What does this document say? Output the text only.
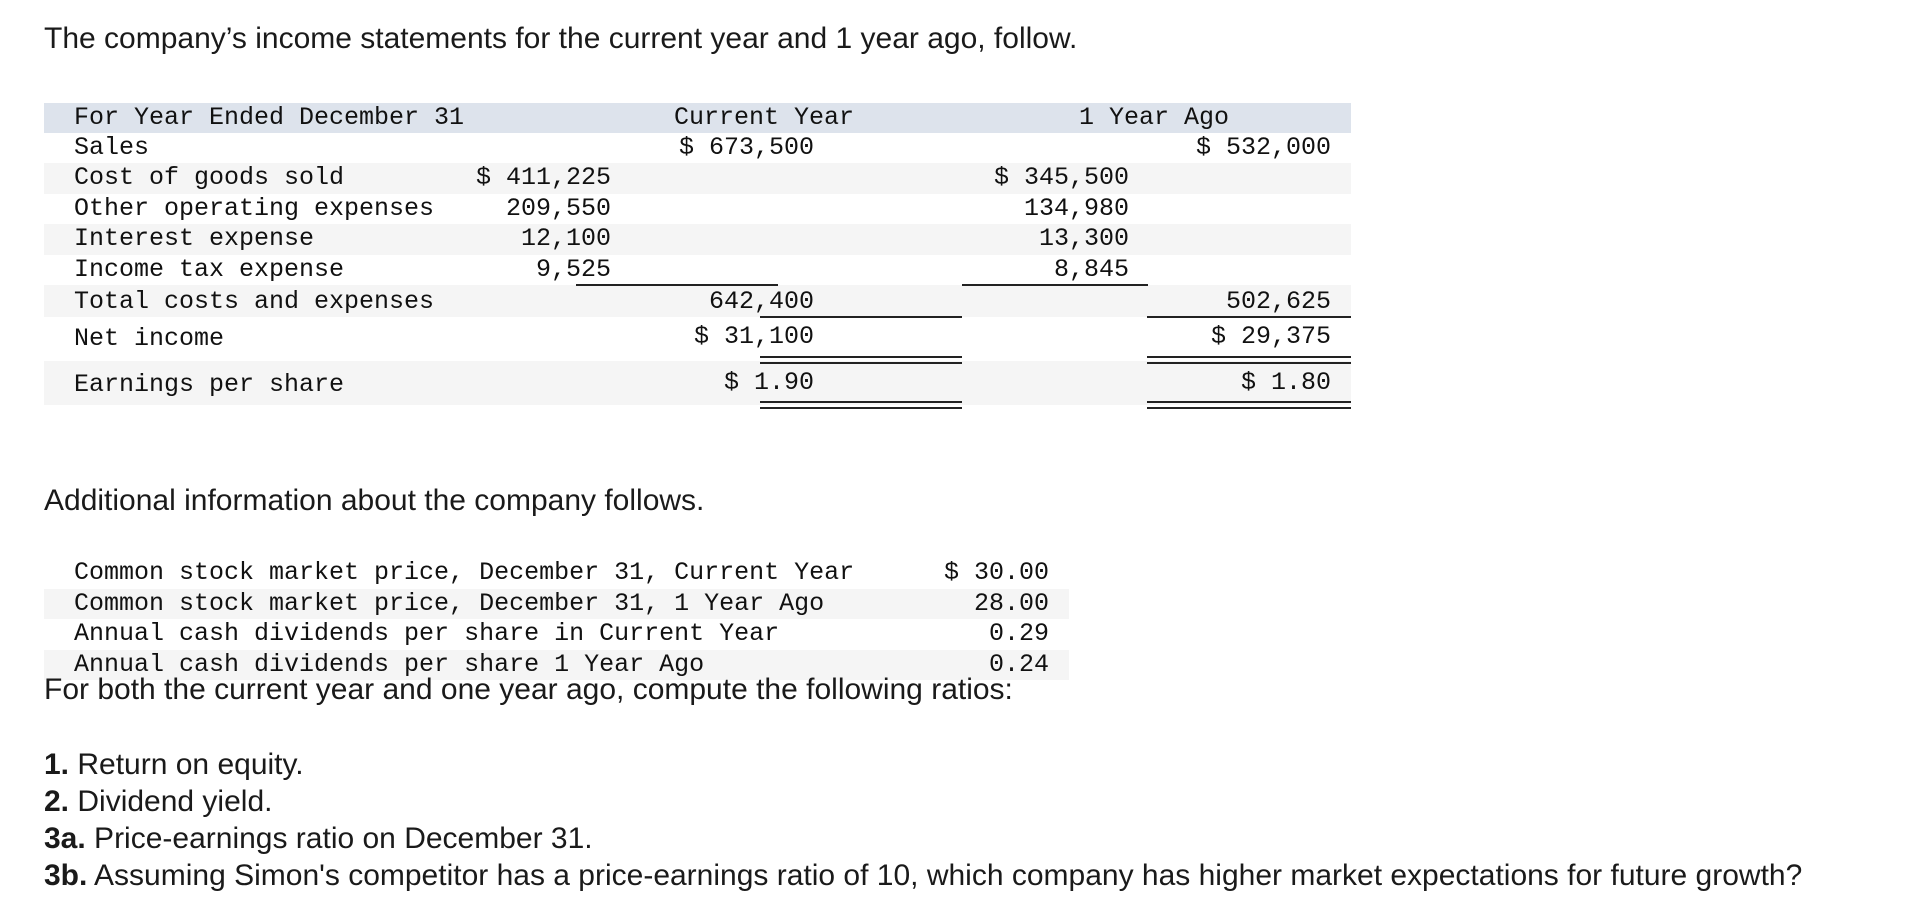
The company’s income statements for the current year and 1 year ago, follow.

For Year Ended December 31	Current Year	1 Year Ago
Sales	$ 673,500	$ 532,000
Cost of goods sold	$ 411,225	$ 345,500
Other operating expenses	209,550	134,980
Interest expense	12,100	13,300
Income tax expense	9,525	8,845
Total costs and expenses	642,400	502,625
Net income	$ 31,100	$ 29,375
Earnings per share	$ 1.90	$ 1.80

Additional information about the company follows.

Common stock market price, December 31, Current Year	$ 30.00
Common stock market price, December 31, 1 Year Ago	28.00
Annual cash dividends per share in Current Year	0.29
Annual cash dividends per share 1 Year Ago	0.24

For both the current year and one year ago, compute the following ratios:

1. Return on equity.

2. Dividend yield.

3a. Price-earnings ratio on December 31.

3b. Assuming Simon's competitor has a price-earnings ratio of 10, which company has higher market expectations for future growth?
